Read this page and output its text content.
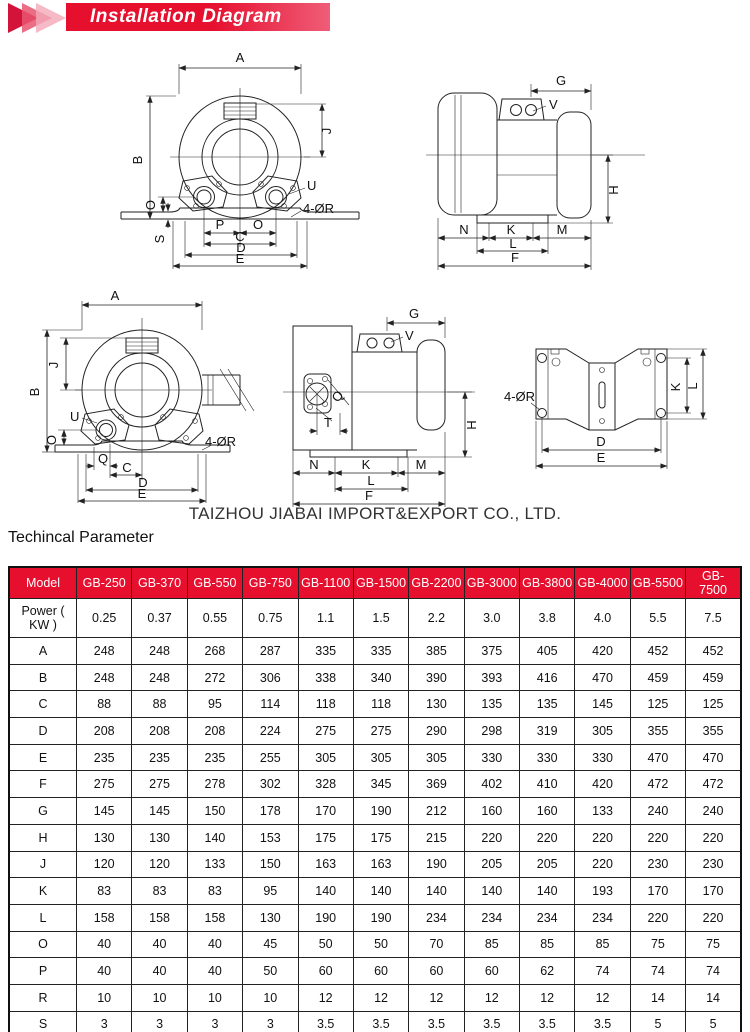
Installation Diagram
A
B
J
O
S
P O
C
D
E
U
4-ØR
G
V
H
N	K	M
L
F
A
B
J
U
O
Q
C
D
E
4-ØR
Q
T
G
V
H
N	K	M
L
F
4-ØR
K L
D
E
TAIZHOU JIABAI IMPORT&EXPORT CO., LTD.
Techincal Parameter
Model	GB-250	GB-370	GB-550	GB-750	GB-1100	GB-1500	GB-2200	GB-3000	GB-3800	GB-4000	GB-5500	GB-7500
Power ( KW )	0.25	0.37	0.55	0.75	1.1	1.5	2.2	3.0	3.8	4.0	5.5	7.5
A	248	248	268	287	335	335	385	375	405	420	452	452
B	248	248	272	306	338	340	390	393	416	470	459	459
C	88	88	95	114	118	118	130	135	135	145	125	125
D	208	208	208	224	275	275	290	298	319	305	355	355
E	235	235	235	255	305	305	305	330	330	330	470	470
F	275	275	278	302	328	345	369	402	410	420	472	472
G	145	145	150	178	170	190	212	160	160	133	240	240
H	130	130	140	153	175	175	215	220	220	220	220	220
J	120	120	133	150	163	163	190	205	205	220	230	230
K	83	83	83	95	140	140	140	140	140	193	170	170
L	158	158	158	130	190	190	234	234	234	234	220	220
O	40	40	40	45	50	50	70	85	85	85	75	75
P	40	40	40	50	60	60	60	60	62	74	74	74
R	10	10	10	10	12	12	12	12	12	12	14	14
S	3	3	3	3	3.5	3.5	3.5	3.5	3.5	3.5	5	5
